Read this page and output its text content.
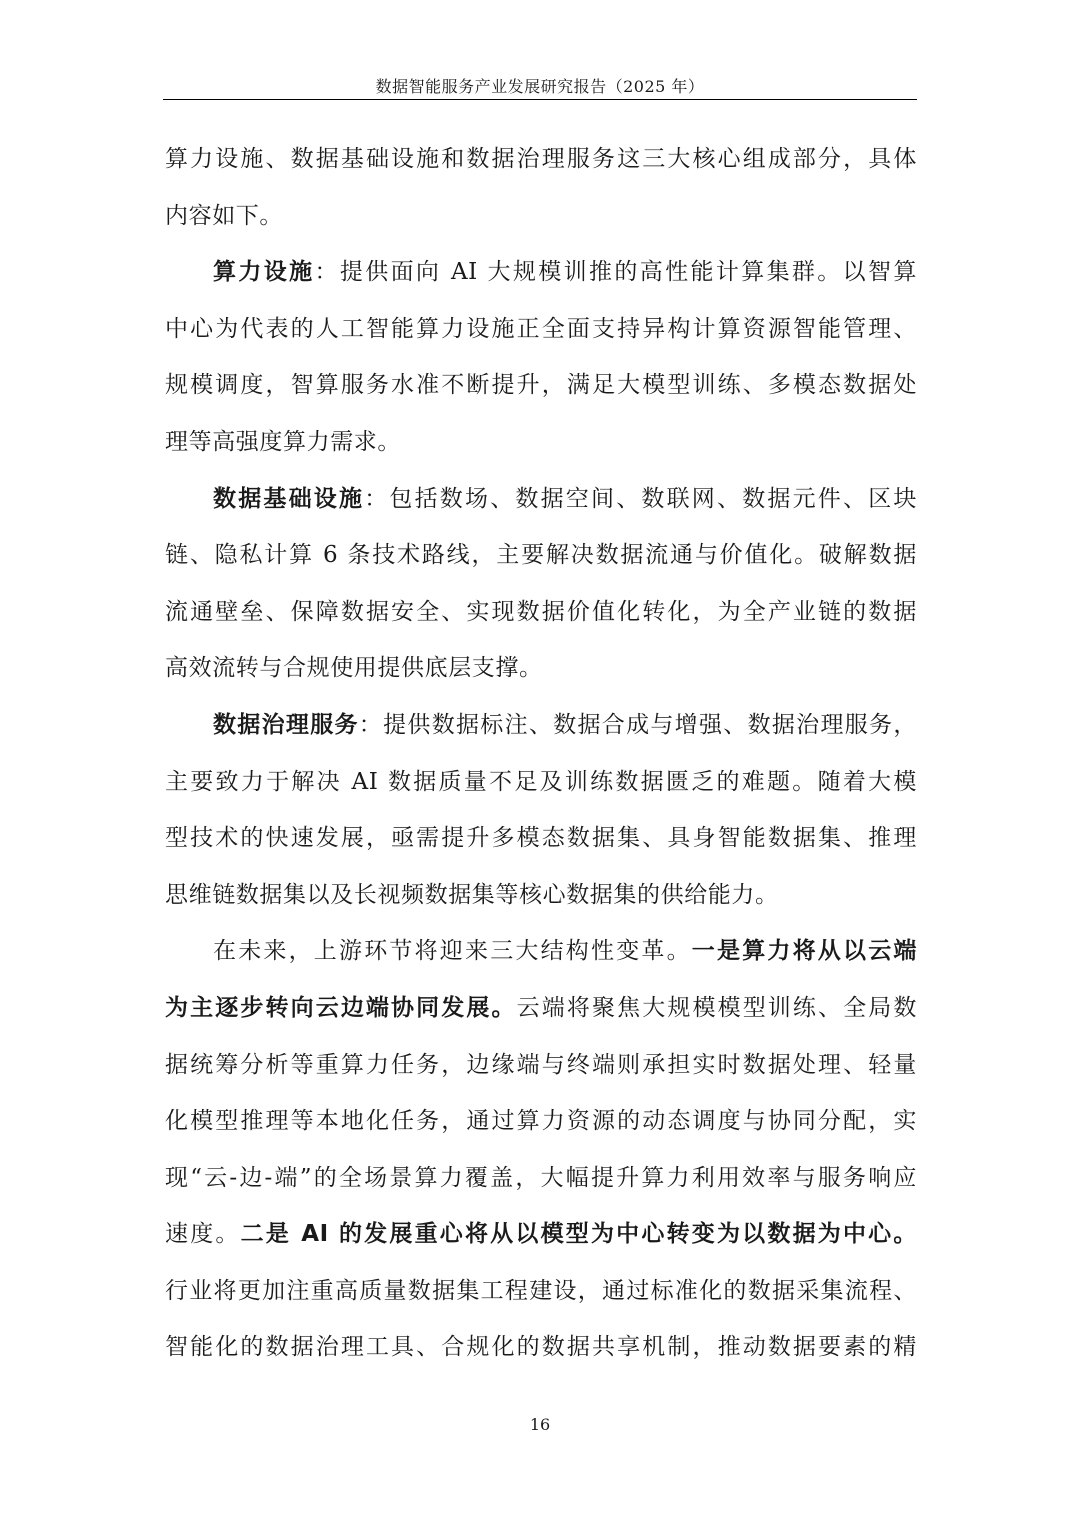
数据智能服务产业发展研究报告（2025 年）
算力设施、数据基础设施和数据治理服务这三大核心组成部分，具体
内容如下。
算力设施：提供面向 AI 大规模训推的高性能计算集群。以智算
中心为代表的人工智能算力设施正全面支持异构计算资源智能管理、
规模调度，智算服务水准不断提升，满足大模型训练、多模态数据处
理等高强度算力需求。
数据基础设施：包括数场、数据空间、数联网、数据元件、区块
链、隐私计算 6 条技术路线，主要解决数据流通与价值化。破解数据
流通壁垒、保障数据安全、实现数据价值化转化，为全产业链的数据
高效流转与合规使用提供底层支撑。
数据治理服务：提供数据标注、数据合成与增强、数据治理服务，
主要致力于解决 AI 数据质量不足及训练数据匮乏的难题。随着大模
型技术的快速发展，亟需提升多模态数据集、具身智能数据集、推理
思维链数据集以及长视频数据集等核心数据集的供给能力。
在未来，上游环节将迎来三大结构性变革。一是算力将从以云端
为主逐步转向云边端协同发展。云端将聚焦大规模模型训练、全局数
据统筹分析等重算力任务，边缘端与终端则承担实时数据处理、轻量
化模型推理等本地化任务，通过算力资源的动态调度与协同分配，实
现“云-边-端”的全场景算力覆盖，大幅提升算力利用效率与服务响应
速度。二是 AI 的发展重心将从以模型为中心转变为以数据为中心。
行业将更加注重高质量数据集工程建设，通过标准化的数据采集流程、
智能化的数据治理工具、合规化的数据共享机制，推动数据要素的精
16
